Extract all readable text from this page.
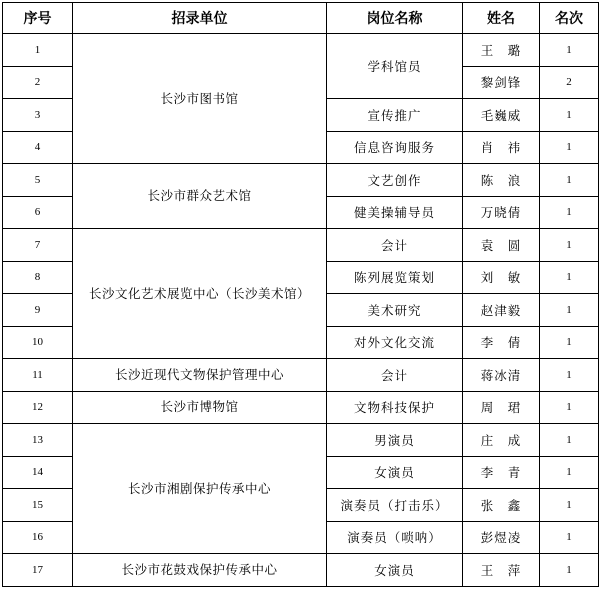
序号	招录单位	岗位名称	姓名	名次
1	长沙市图书馆	学科馆员	王　璐	1
2			黎剑锋	2
3		宣传推广	毛巍威	1
4		信息咨询服务	肖　祎	1
5	长沙市群众艺术馆	文艺创作	陈　浪	1
6		健美操辅导员	万晓倩	1
7	长沙文化艺术展览中心（长沙美术馆）	会计	袁　圆	1
8		陈列展览策划	刘　敏	1
9		美术研究	赵津毅	1
10		对外文化交流	李　倩	1
11	长沙近现代文物保护管理中心	会计	蒋冰清	1
12	长沙市博物馆	文物科技保护	周　珺	1
13	长沙市湘剧保护传承中心	男演员	庄　成	1
14		女演员	李　青	1
15		演奏员（打击乐）	张　鑫	1
16		演奏员（唢呐）	彭煜凌	1
17	长沙市花鼓戏保护传承中心	女演员	王　萍	1
